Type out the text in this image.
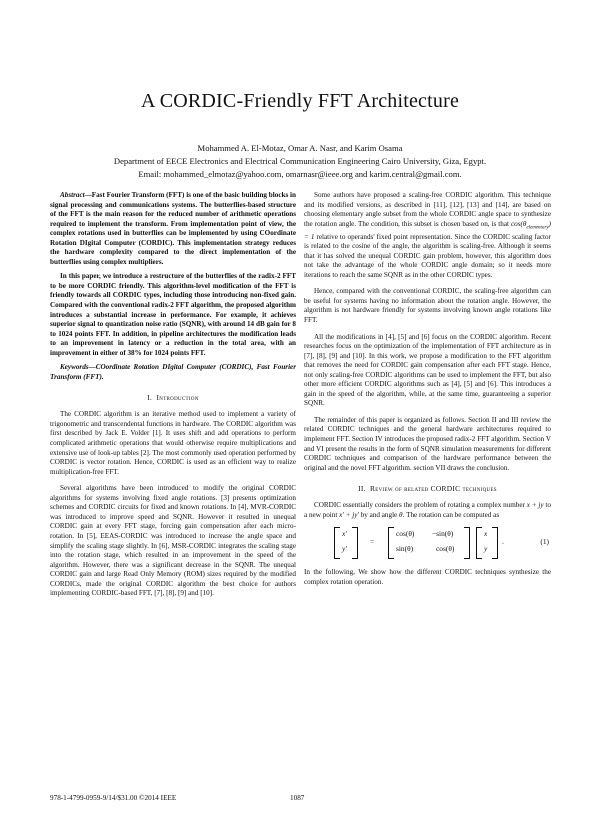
A CORDIC-Friendly FFT Architecture
Mohammed A. El-Motaz, Omar A. Nasr, and Karim Osama
Department of EECE Electronics and Electrical Communication Engineering Cairo University, Giza, Egypt.
Email: mohammed_elmotaz@yahoo.com, omarnasr@ieee.org and karim.central@gmail.com.

Abstract—Fast Fourier Transform (FFT) is one of the basic building blocks in signal processing and communications systems. The butterflies-based structure of the FFT is the main reason for the reduced number of arithmetic operations required to implement the transform. From implementation point of view, the complex rotations used in butterflies can be implemented by using COordinate Rotation DIgital Computer (CORDIC). This implementation strategy reduces the hardware complexity compared to the direct implementation of the butterflies using complex multipliers.

In this paper, we introduce a restructure of the butterflies of the radix-2 FFT to be more CORDIC friendly. This algorithm-level modification of the FFT is friendly towards all CORDIC types, including those introducing non-fixed gain. Compared with the conventional radix-2 FFT algorithm, the proposed algorithm introduces a substantial increase in performance. For example, it achieves superior signal to quantization noise ratio (SQNR), with around 14 dB gain for 8 to 1024 points FFT. In addition, in pipeline architectures the modification leads to an improvement in latency or a reduction in the total area, with an improvement in either of 38% for 1024 points FFT.

Keywords—COordinate Rotation DIgital Computer (CORDIC), Fast Fourier Transform (FFT).

I. Introduction

The CORDIC algorithm is an iterative method used to implement a variety of trigonometric and transcendental functions in hardware. The CORDIC algorithm was first described by Jack E. Volder [1]. It uses shift and add operations to perform complicated arithmetic operations that would otherwise require multiplications and extensive use of look-up tables [2]. The most commonly used operation performed by CORDIC is vector rotation. Hence, CORDIC is used as an efficient way to realize multiplication-free FFT.

Several algorithms have been introduced to modify the original CORDIC algorithms for systems involving fixed angle rotations. [3] presents optimization schemes and CORDIC circuits for fixed and known rotations. In [4], MVR-CORDIC was introduced to improve speed and SQNR. However it resulted in unequal CORDIC gain at every FFT stage, forcing gain compensation after each micro-rotation. In [5], EEAS-CORDIC was introduced to increase the angle space and simplify the scaling stage slightly. In [6], MSR-CORDIC integrates the scaling stage into the rotation stage, which resulted in an improvement in the speed of the algorithm. However, there was a significant decrease in the SQNR. The unequal CORDIC gain and large Read Only Memory (ROM) sizes required by the modified CORDICs, made the original CORDIC algorithm the best choice for authors implementing CORDIC-based FFT, [7], [8], [9] and [10].

Some authors have proposed a scaling-free CORDIC algorithm. This technique and its modified versions, as described in [11], [12], [13] and [14], are based on choosing elementary angle subset from the whole CORDIC angle space to synthesize the rotation angle. The condition, this subset is chosen based on, is that $\cos(\theta_{elementary}) = 1$ relative to operands' fixed point representation. Since the CORDIC scaling factor is related to the cosine of the angle, the algorithm is scaling-free. Although it seems that it has solved the unequal CORDIC gain problem, however, this algorithm does not take the advantage of the whole CORDIC angle domain; so it needs more iterations to reach the same SQNR as in the other CORDIC types.

Hence, compared with the conventional CORDIC, the scaling-free algorithm can be useful for systems having no information about the rotation angle. However, the algorithm is not hardware friendly for systems involving known angle rotations like FFT.

All the modifications in [4], [5] and [6] focus on the CORDIC algorithm. Recent researches focus on the optimization of the implementation of FFT architecture as in [7], [8], [9] and [10]. In this work, we propose a modification to the FFT algorithm that removes the need for CORDIC gain compensation after each FFT stage. Hence, not only scaling-free CORDIC algorithms can be used to implement the FFT, but also other more efficient CORDIC algorithms such as [4], [5] and [6]. This introduces a gain in the speed of the algorithm, while, at the same time, guaranteeing a superior SQNR.

The remainder of this paper is organized as follows. Section II and III review the related CORDIC techniques and the general hardware architectures required to implement FFT. Section IV introduces the proposed radix-2 FFT algorithm. Section V and VI present the results in the form of SQNR simulation measurements for different CORDIC techniques and comparison of the hardware performance between the original and the novel FFT algorithm. section VII draws the conclusion.

II. Review of related CORDIC techniques

CORDIC essentially considers the problem of rotating a complex number x + jy to a new point x′ + jy′ by and angle θ. The rotation can be computed as

x′
y′
=
cos(θ) −sin(θ)
sin(θ)	cos(θ)
x
y
.	(1)

In the following, We show how the different CORDIC techniques synthesize the complex rotation operation.

978-1-4799-0959-9/14/$31.00 ©2014 IEEE	1087
